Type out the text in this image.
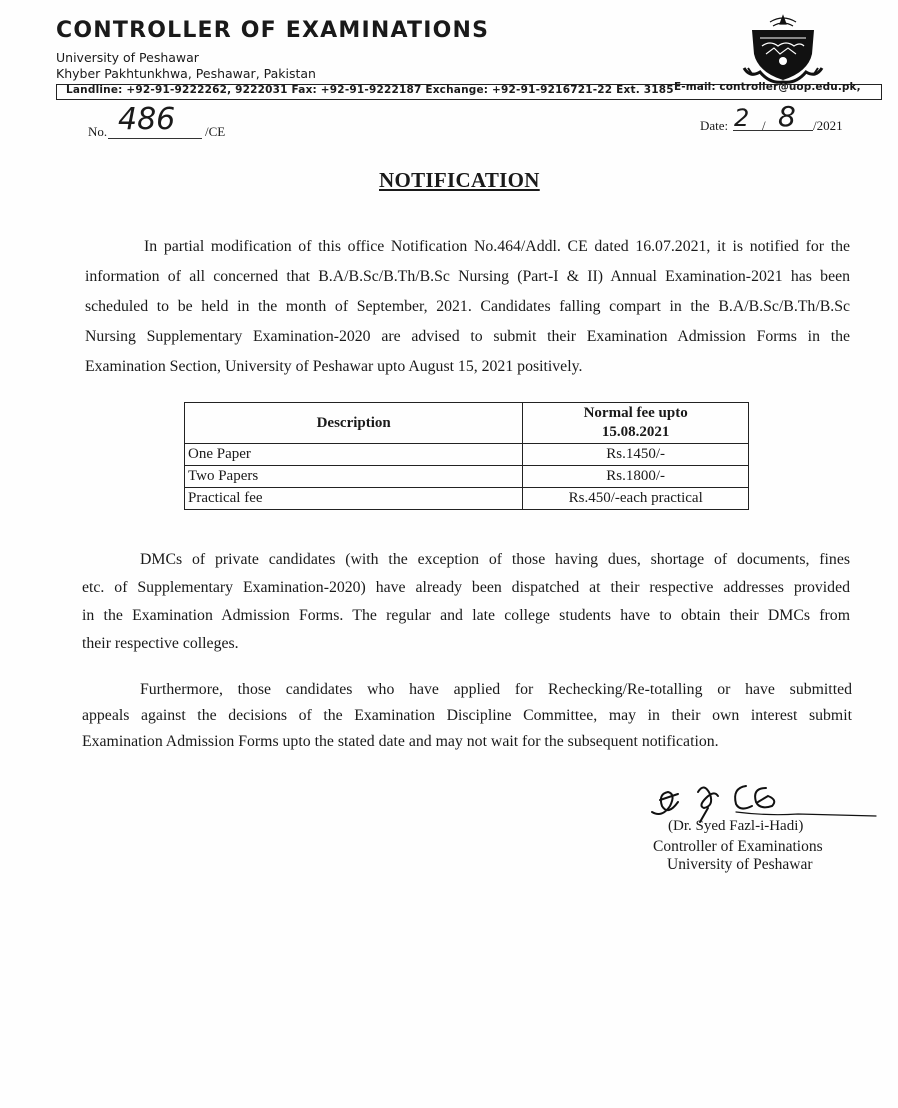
CONTROLLER OF EXAMINATIONS
University of Peshawar
Khyber Pakhtunkhwa, Peshawar, Pakistan
Landline: +92-91-9222262, 9222031 Fax: +92-91-9222187 Exchange: +92-91-9216721-22 Ext. 3185 E-mail: controller@uop.edu.pk,
No. 486 /CE	Date: 2 / 8 /2021
NOTIFICATION
In partial modification of this office Notification No.464/Addl. CE dated 16.07.2021, it is notified for the
information of all concerned that B.A/B.Sc/B.Th/B.Sc Nursing (Part-I & II) Annual Examination-2021 has been
scheduled to be held in the month of September, 2021. Candidates falling compart in the B.A/B.Sc/B.Th/B.Sc
Nursing Supplementary Examination-2020 are advised to submit their Examination Admission Forms in the
Examination Section, University of Peshawar upto August 15, 2021 positively.
Description	Normal fee upto
15.08.2021
One Paper	Rs.1450/-
Two Papers	Rs.1800/-
Practical fee	Rs.450/-each practical
DMCs of private candidates (with the exception of those having dues, shortage of documents, fines
etc. of Supplementary Examination-2020) have already been dispatched at their respective addresses provided
in the Examination Admission Forms. The regular and late college students have to obtain their DMCs from
their respective colleges.
Furthermore, those candidates who have applied for Rechecking/Re-totalling or have submitted
appeals against the decisions of the Examination Discipline Committee, may in their own interest submit
Examination Admission Forms upto the stated date and may not wait for the subsequent notification.
(Dr. Syed Fazl-i-Hadi)
Controller of Examinations
University of Peshawar
